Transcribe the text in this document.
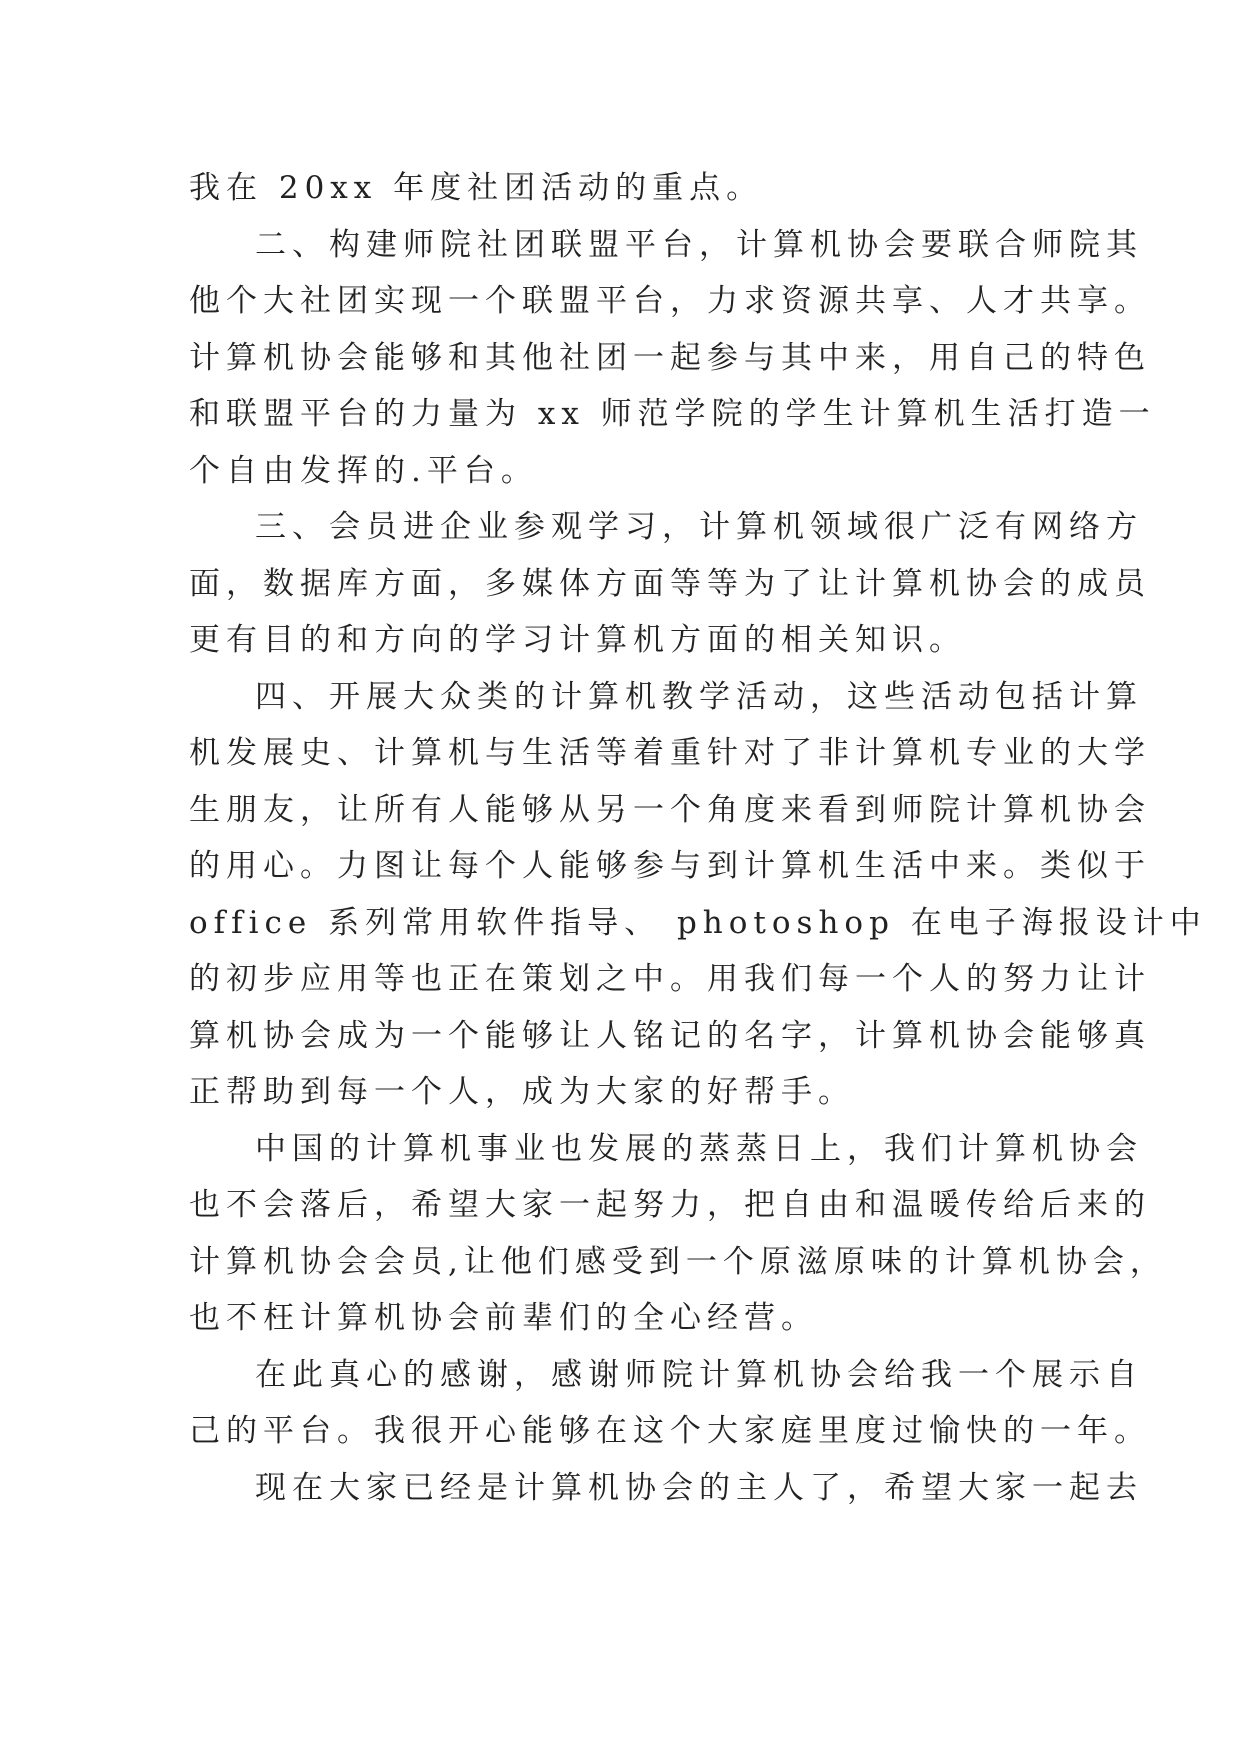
我在 20xx 年度社团活动的重点。
二、构建师院社团联盟平台，计算机协会要联合师院其
他个大社团实现一个联盟平台，力求资源共享、人才共享。
计算机协会能够和其他社团一起参与其中来，用自己的特色
和联盟平台的力量为 xx 师范学院的学生计算机生活打造一
个自由发挥的.平台。
三、会员进企业参观学习，计算机领域很广泛有网络方
面，数据库方面，多媒体方面等等为了让计算机协会的成员
更有目的和方向的学习计算机方面的相关知识。
四、开展大众类的计算机教学活动，这些活动包括计算
机发展史、计算机与生活等着重针对了非计算机专业的大学
生朋友，让所有人能够从另一个角度来看到师院计算机协会
的用心。力图让每个人能够参与到计算机生活中来。类似于
office 系列常用软件指导、 photoshop 在电子海报设计中
的初步应用等也正在策划之中。用我们每一个人的努力让计
算机协会成为一个能够让人铭记的名字，计算机协会能够真
正帮助到每一个人，成为大家的好帮手。
中国的计算机事业也发展的蒸蒸日上，我们计算机协会
也不会落后，希望大家一起努力，把自由和温暖传给后来的
计算机协会会员,让他们感受到一个原滋原味的计算机协会，
也不枉计算机协会前辈们的全心经营。
在此真心的感谢，感谢师院计算机协会给我一个展示自
己的平台。我很开心能够在这个大家庭里度过愉快的一年。
现在大家已经是计算机协会的主人了，希望大家一起去
